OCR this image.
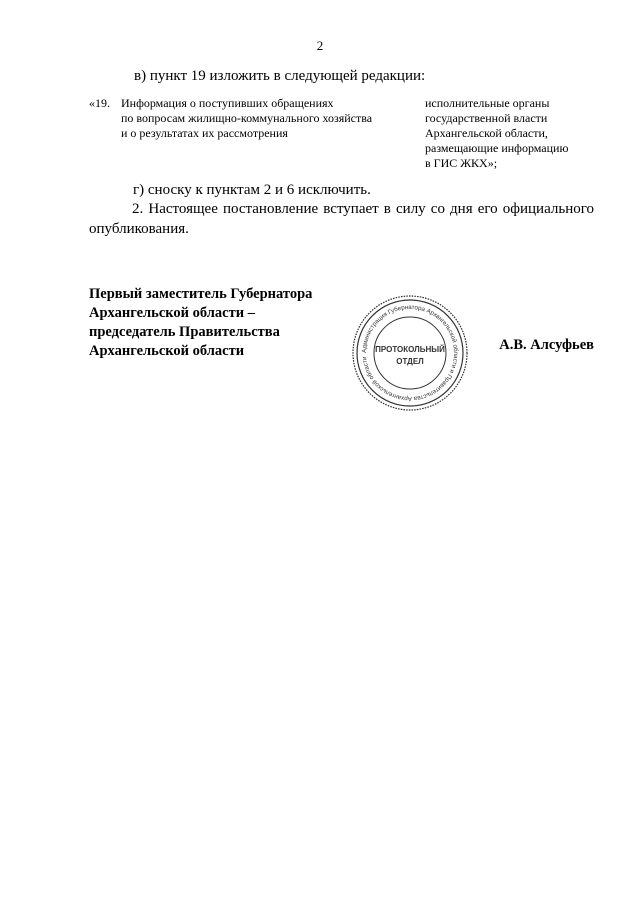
2
в) пункт 19 изложить в следующей редакции:
«19. Информация о поступивших обращениях
по вопросам жилищно-коммунального хозяйства
и о результатах их рассмотрения
исполнительные органы
государственной власти
Архангельской области,
размещающие информацию
в ГИС ЖКХ»;
г) сноску к пунктам 2 и 6 исключить.
2. Настоящее постановление вступает в силу со дня его официального опубликования.
Первый заместитель Губернатора
Архангельской области –
председатель Правительства
Архангельской области	А.В. Алсуфьев
Администрация Губернатора Архангельской области и Правительства Архангельской области
ПРОТОКОЛЬНЫЙ
ОТДЕЛ
